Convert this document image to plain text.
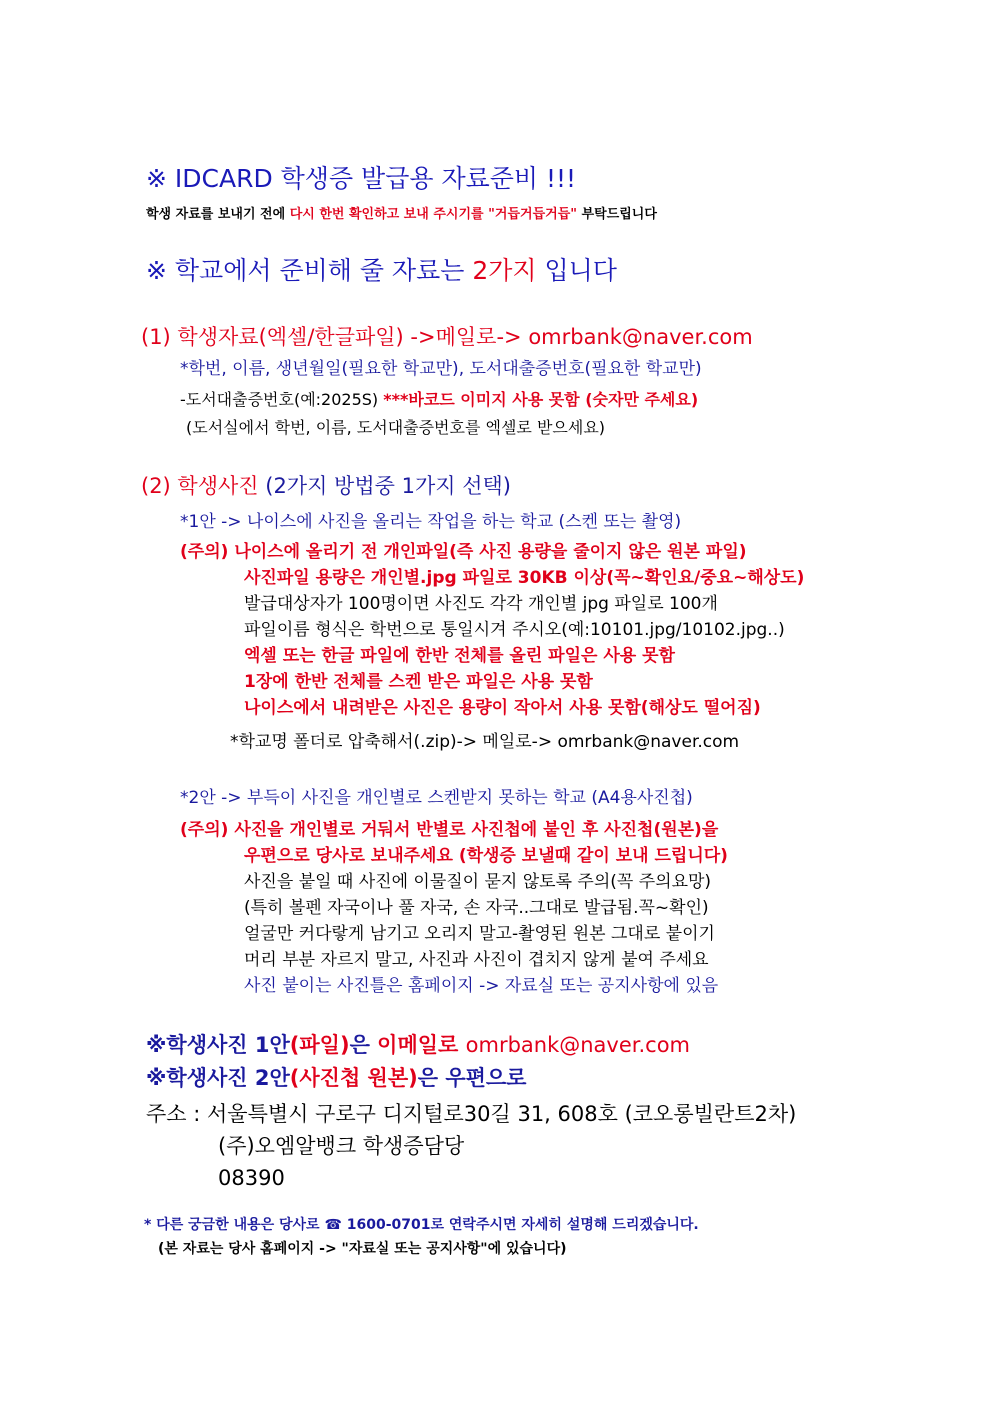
※ IDCARD 학생증 발급용 자료준비 !!!
학생 자료를 보내기 전에 다시 한번 확인하고 보내 주시기를 "거듭거듭거듭" 부탁드립니다
※ 학교에서 준비해 줄 자료는 2가지 입니다
(1) 학생자료(엑셀/한글파일) ->메일로-> omrbank@naver.com
*학번, 이름, 생년월일(필요한 학교만), 도서대출증번호(필요한 학교만)
-도서대출증번호(예:2025S) ***바코드 이미지 사용 못함 (숫자만 주세요)
(도서실에서 학번, 이름, 도서대출증번호를 엑셀로 받으세요)
(2) 학생사진 (2가지 방법중 1가지 선택)
*1안 -> 나이스에 사진을 올리는 작업을 하는 학교 (스켄 또는 촬영)
(주의) 나이스에 올리기 전 개인파일(즉 사진 용량을 줄이지 않은 원본 파일)
사진파일 용량은 개인별.jpg 파일로 30KB 이상(꼭~확인요/중요~해상도)
발급대상자가 100명이면 사진도 각각 개인별 jpg 파일로 100개
파일이름 형식은 학번으로 통일시겨 주시오(예:10101.jpg/10102.jpg..)
엑셀 또는 한글 파일에 한반 전체를 올린 파일은 사용 못함
1장에 한반 전체를 스켄 받은 파일은 사용 못함
나이스에서 내려받은 사진은 용량이 작아서 사용 못함(해상도 떨어짐)
*학교명 폴더로 압축해서(.zip)-> 메일로-> omrbank@naver.com
*2안 -> 부득이 사진을 개인별로 스켄받지 못하는 학교 (A4용사진첩)
(주의) 사진을 개인별로 거둬서 반별로 사진첩에 붙인 후 사진첩(원본)을
우편으로 당사로 보내주세요 (학생증 보낼때 같이 보내 드립니다)
사진을 붙일 때 사진에 이물질이 묻지 않토록 주의(꼭 주의요망)
(특히 볼펜 자국이나 풀 자국, 손 자국..그대로 발급됨.꼭~확인)
얼굴만 커다랗게 남기고 오리지 말고-촬영된 원본 그대로 붙이기
머리 부분 자르지 말고, 사진과 사진이 겹치지 않게 붙여 주세요
사진 붙이는 사진틀은 홈페이지 -> 자료실 또는 공지사항에 있음
※학생사진 1안(파일)은 이메일로 omrbank@naver.com
※학생사진 2안(사진첩 원본)은 우편으로
주소 : 서울특별시 구로구 디지털로30길 31, 608호 (코오롱빌란트2차)
(주)오엠알뱅크 학생증담당
08390
* 다른 궁금한 내용은 당사로 ☎ 1600-0701로 연락주시면 자세히 설명해 드리겠습니다.
(본 자료는 당사 홈페이지 -> "자료실 또는 공지사항"에 있습니다)
